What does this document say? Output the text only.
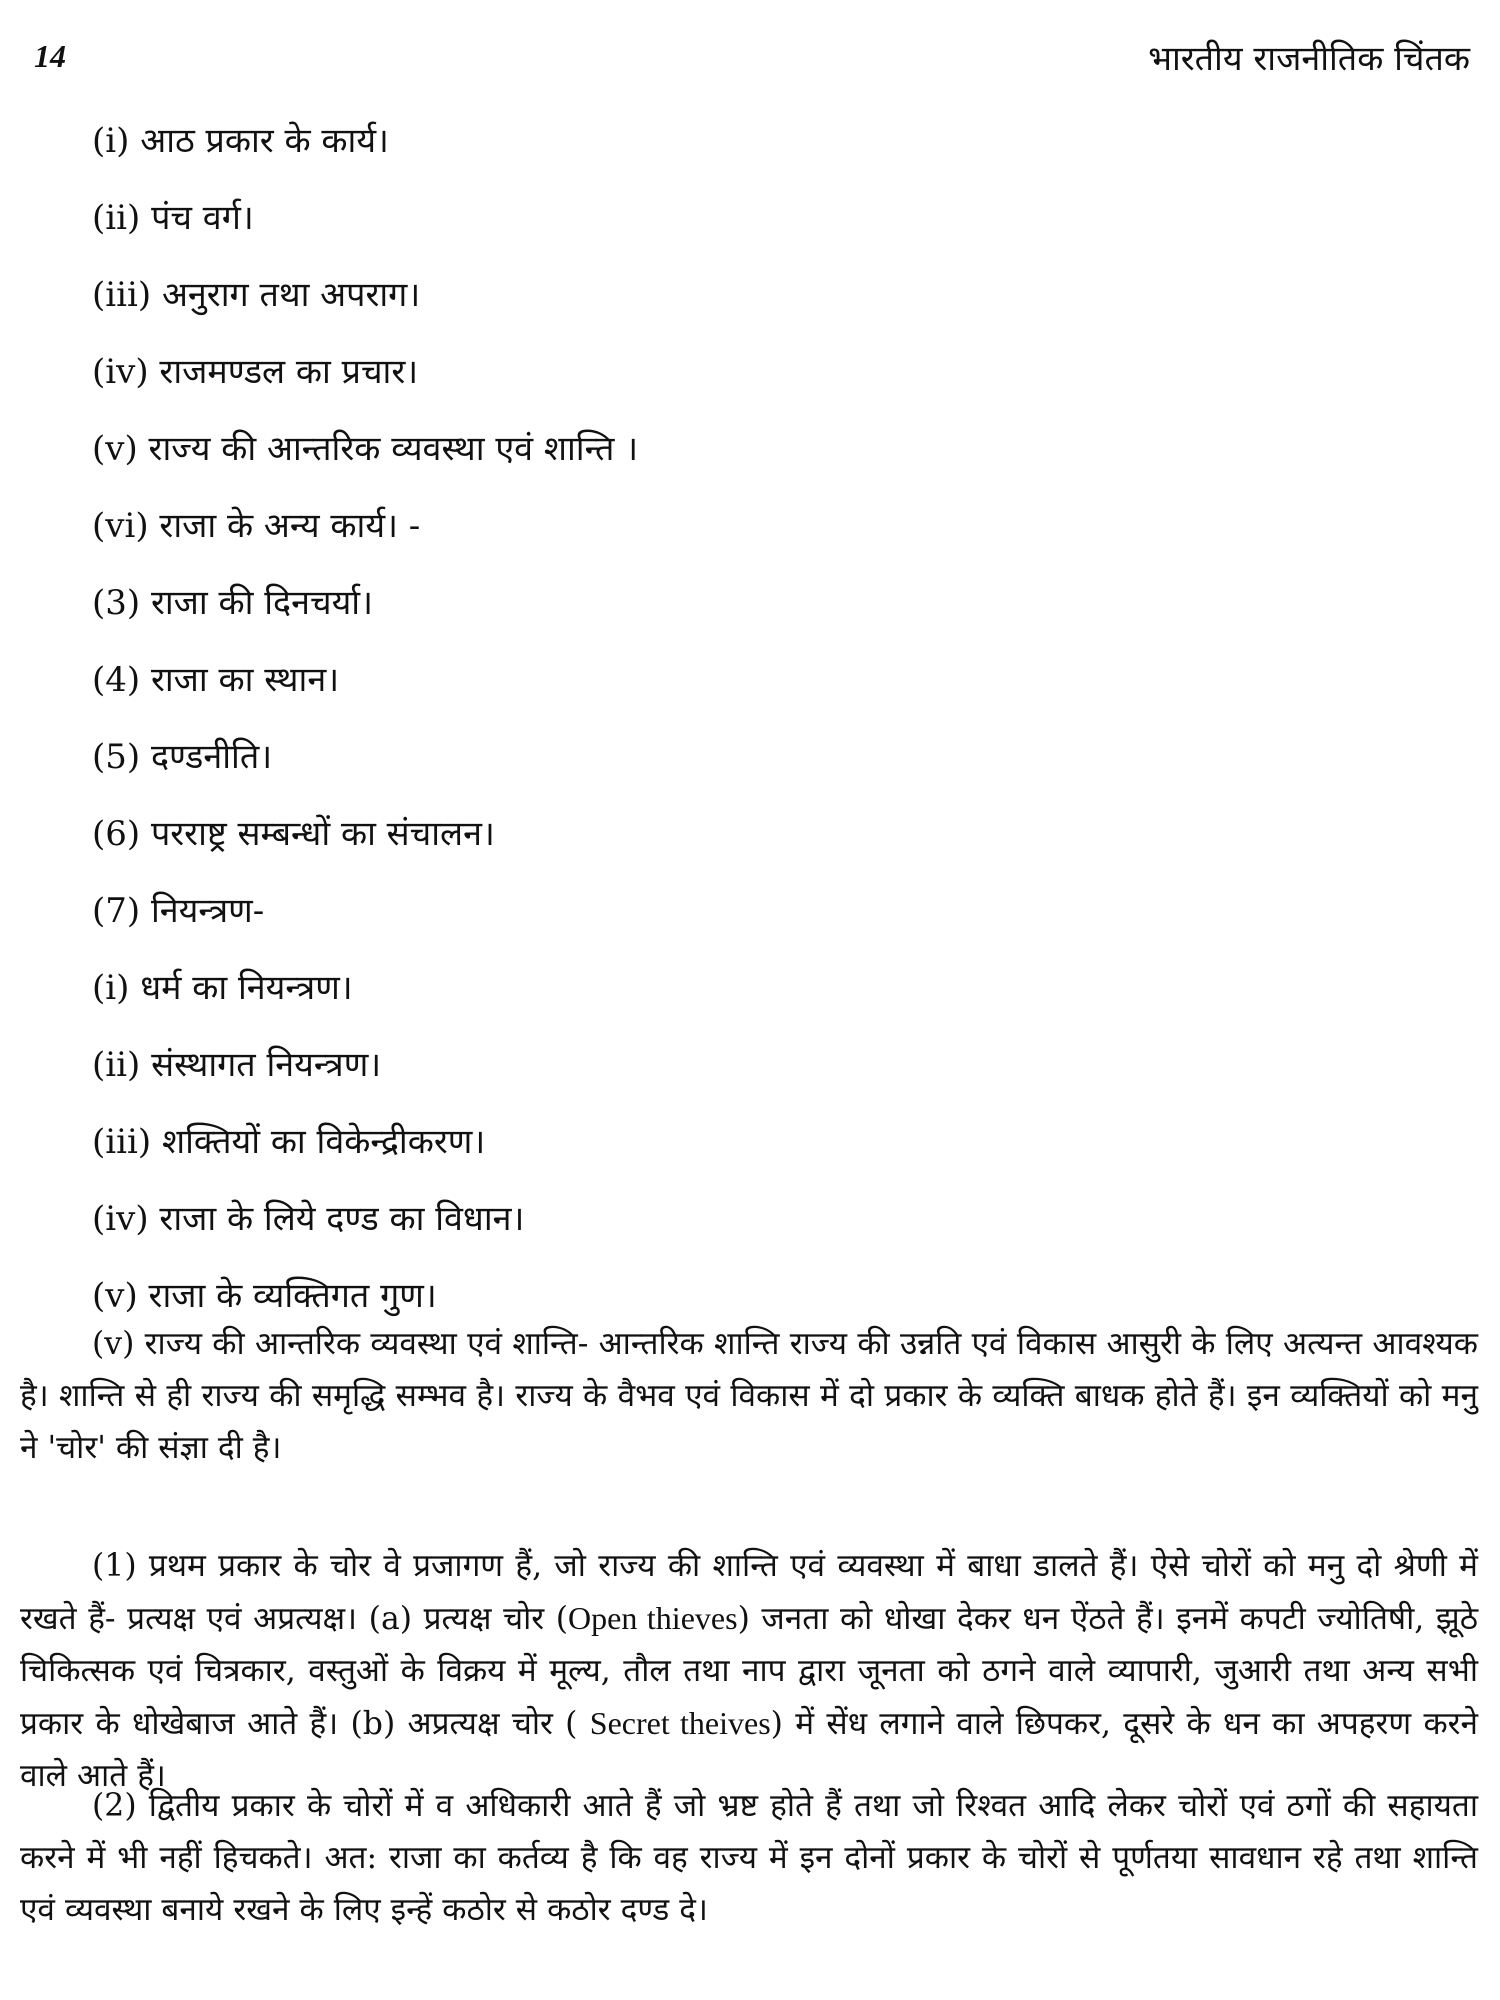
14	भारतीय राजनीतिक चिंतक
(i) आठ प्रकार के कार्य।
(ii) पंच वर्ग।
(iii) अनुराग तथा अपराग।
(iv) राजमण्डल का प्रचार।
(v) राज्य की आन्तरिक व्यवस्था एवं शान्ति ।
(vi) राजा के अन्य कार्य। -
(3) राजा की दिनचर्या।
(4) राजा का स्थान।
(5) दण्डनीति।
(6) परराष्ट्र सम्बन्धों का संचालन।
(7) नियन्त्रण-
(i) धर्म का नियन्त्रण।
(ii) संस्थागत नियन्त्रण।
(iii) शक्तियों का विकेन्द्रीकरण।
(iv) राजा के लिये दण्ड का विधान।
(v) राजा के व्यक्तिगत गुण।

(v) राज्य की आन्तरिक व्यवस्था एवं शान्ति- आन्तरिक शान्ति राज्य की उन्नति एवं विकास आसुरी के लिए अत्यन्त आवश्यक है। शान्ति से ही राज्य की समृद्धि सम्भव है। राज्य के वैभव एवं विकास में दो प्रकार के व्यक्ति बाधक होते हैं। इन व्यक्तियों को मनु ने 'चोर' की संज्ञा दी है।

(1) प्रथम प्रकार के चोर वे प्रजागण हैं, जो राज्य की शान्ति एवं व्यवस्था में बाधा डालते हैं। ऐसे चोरों को मनु दो श्रेणी में रखते हैं- प्रत्यक्ष एवं अप्रत्यक्ष। (a) प्रत्यक्ष चोर (Open thieves) जनता को धोखा देकर धन ऐंठते हैं। इनमें कपटी ज्योतिषी, झूठे चिकित्सक एवं चित्रकार, वस्तुओं के विक्रय में मूल्य, तौल तथा नाप द्वारा जूनता को ठगने वाले व्यापारी, जुआरी तथा अन्य सभी प्रकार के धोखेबाज आते हैं। (b) अप्रत्यक्ष चोर ( Secret theives) में सेंध लगाने वाले छिपकर, दूसरे के धन का अपहरण करने वाले आते हैं।

(2) द्वितीय प्रकार के चोरों में व अधिकारी आते हैं जो भ्रष्ट होते हैं तथा जो रिश्वत आदि लेकर चोरों एवं ठगों की सहायता करने में भी नहीं हिचकते। अत: राजा का कर्तव्य है कि वह राज्य में इन दोनों प्रकार के चोरों से पूर्णतया सावधान रहे तथा शान्ति एवं व्यवस्था बनाये रखने के लिए इन्हें कठोर से कठोर दण्ड दे।
